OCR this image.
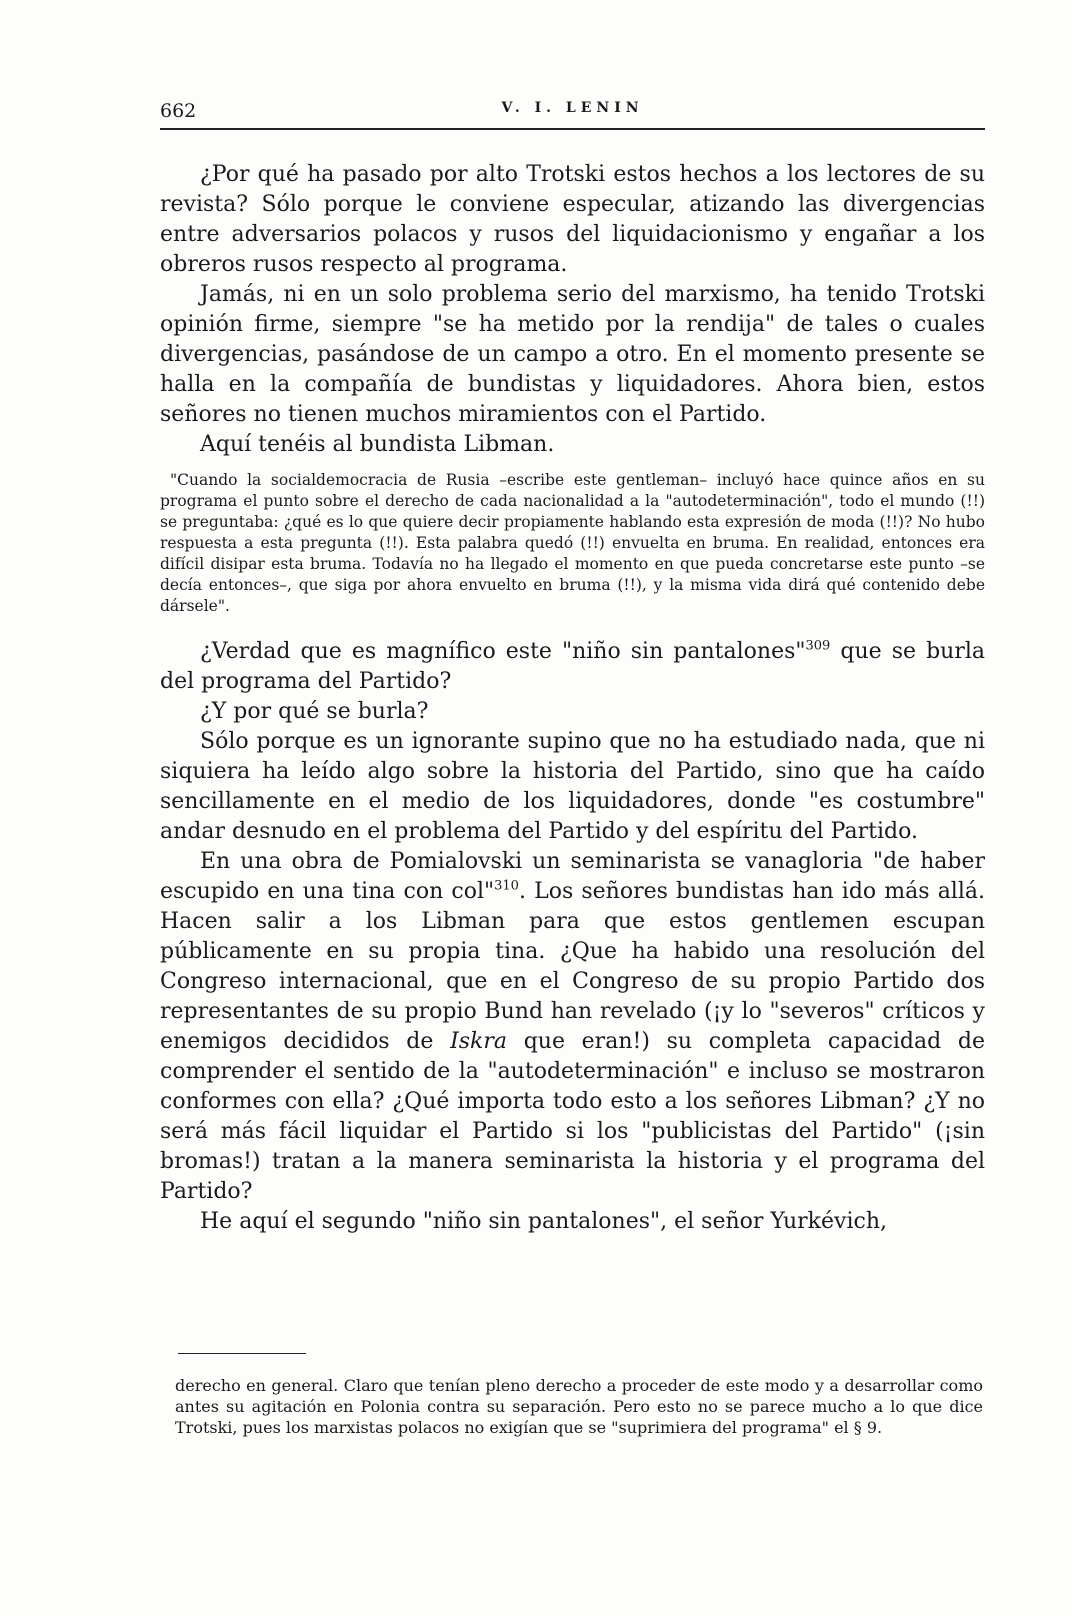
662	V. I. LENIN

¿Por qué ha pasado por alto Trotski estos hechos a los lectores de su revista? Sólo porque le conviene especular, atizando las divergencias entre adversarios polacos y rusos del liquidacionismo y engañar a los obreros rusos respecto al programa.

Jamás, ni en un solo problema serio del marxismo, ha tenido Trotski opinión firme, siempre "se ha metido por la rendija" de tales o cuales divergencias, pasándose de un campo a otro. En el momento presente se halla en la compañía de bundistas y liquidadores. Ahora bien, estos señores no tienen muchos miramientos con el Partido.

Aquí tenéis al bundista Libman.

"Cuando la socialdemocracia de Rusia –escribe este gentleman– incluyó hace quince años en su programa el punto sobre el derecho de cada nacionalidad a la "autodeterminación", todo el mundo (!!) se preguntaba: ¿qué es lo que quiere decir propiamente hablando esta expresión de moda (!!)? No hubo respuesta a esta pregunta (!!). Esta palabra quedó (!!) envuelta en bruma. En realidad, entonces era difícil disipar esta bruma. Todavía no ha llegado el momento en que pueda concretarse este punto –se decía entonces–, que siga por ahora envuelto en bruma (!!), y la misma vida dirá qué contenido debe dársele".

¿Verdad que es magnífico este "niño sin pantalones"$^{309}$ que se burla del programa del Partido?

¿Y por qué se burla?

Sólo porque es un ignorante supino que no ha estudiado nada, que ni siquiera ha leído algo sobre la historia del Partido, sino que ha caído sencillamente en el medio de los liquidadores, donde "es costumbre" andar desnudo en el problema del Partido y del espíritu del Partido.

En una obra de Pomialovski un seminarista se vanagloria "de haber escupido en una tina con col"$^{310}$. Los señores bundistas han ido más allá. Hacen salir a los Libman para que estos gentlemen escupan públicamente en su propia tina. ¿Que ha habido una resolución del Congreso internacional, que en el Congreso de su propio Partido dos representantes de su propio Bund han revelado (¡y lo "severos" críticos y enemigos decididos de Iskra que eran!) su completa capacidad de comprender el sentido de la "autodeterminación" e incluso se mostraron conformes con ella? ¿Qué importa todo esto a los señores Libman? ¿Y no será más fácil liquidar el Partido si los "publicistas del Partido" (¡sin bromas!) tratan a la manera seminarista la historia y el programa del Partido?

He aquí el segundo "niño sin pantalones", el señor Yurkévich,

derecho en general. Claro que tenían pleno derecho a proceder de este modo y a desarrollar como antes su agitación en Polonia contra su separación. Pero esto no se parece mucho a lo que dice Trotski, pues los marxistas polacos no exigían que se "suprimiera del programa" el § 9.
